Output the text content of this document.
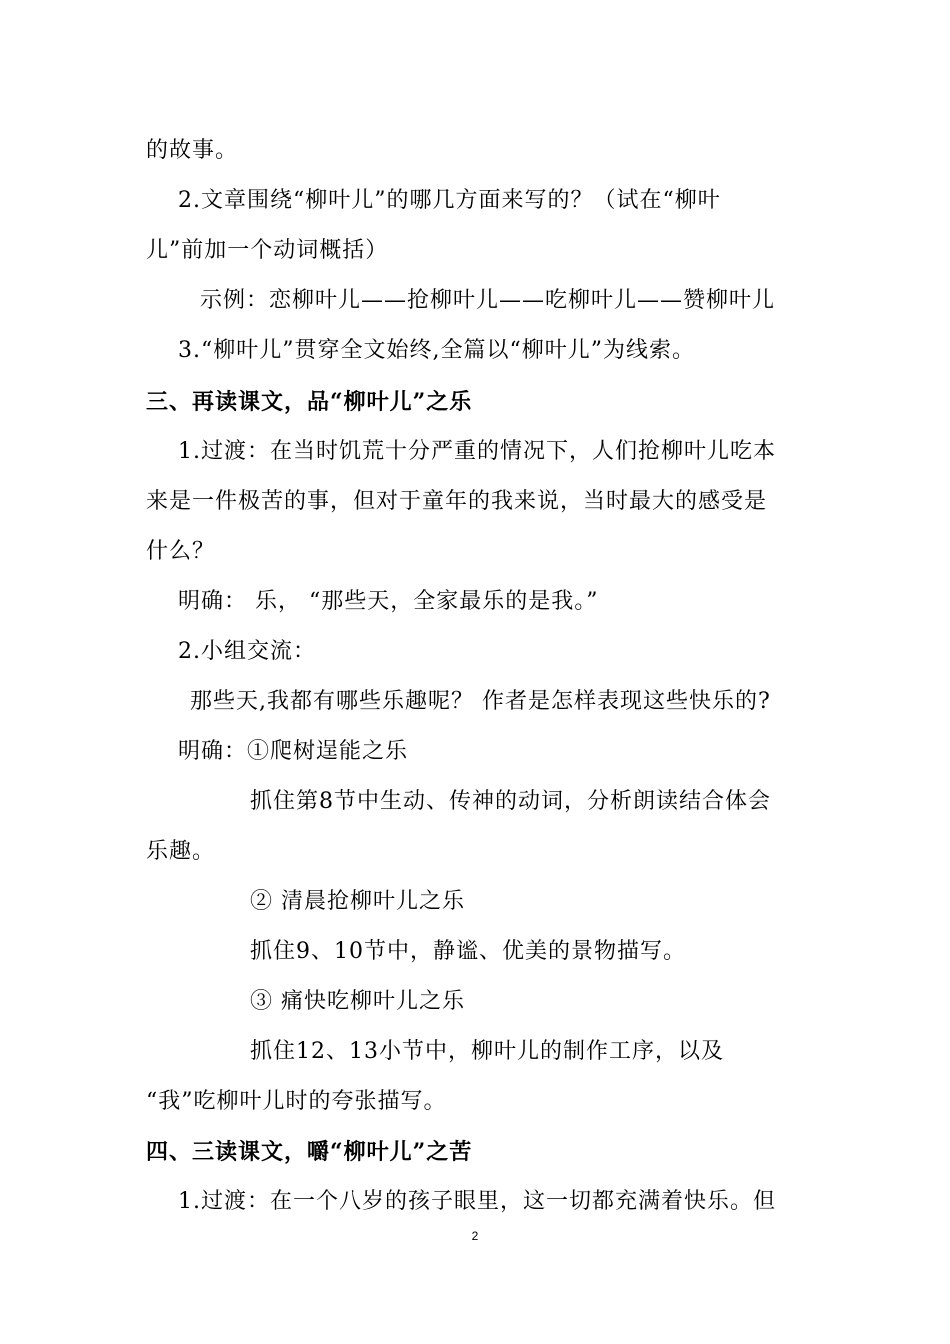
的故事。
2.文章围绕“柳叶儿”的哪几方面来写的？（试在“柳叶
儿”前加一个动词概括）
示例：恋柳叶儿——抢柳叶儿——吃柳叶儿——赞柳叶儿
3.“柳叶儿”贯穿全文始终,全篇以“柳叶儿”为线索。
三、再读课文，品“柳叶儿”之乐
1.过渡：在当时饥荒十分严重的情况下，人们抢柳叶儿吃本
来是一件极苦的事，但对于童年的我来说，当时最大的感受是
什么？
明确： 乐， “那些天，全家最乐的是我。”
2.小组交流：
那些天,我都有哪些乐趣呢？ 作者是怎样表现这些快乐的?
明确：①爬树逞能之乐
抓住第8节中生动、传神的动词，分析朗读结合体会
乐趣。
② 清晨抢柳叶儿之乐
抓住9、10节中，静谧、优美的景物描写。
③ 痛快吃柳叶儿之乐
抓住12、13小节中，柳叶儿的制作工序，以及
“我”吃柳叶儿时的夸张描写。
四、三读课文，嚼“柳叶儿”之苦
1.过渡：在一个八岁的孩子眼里，这一切都充满着快乐。但
2
